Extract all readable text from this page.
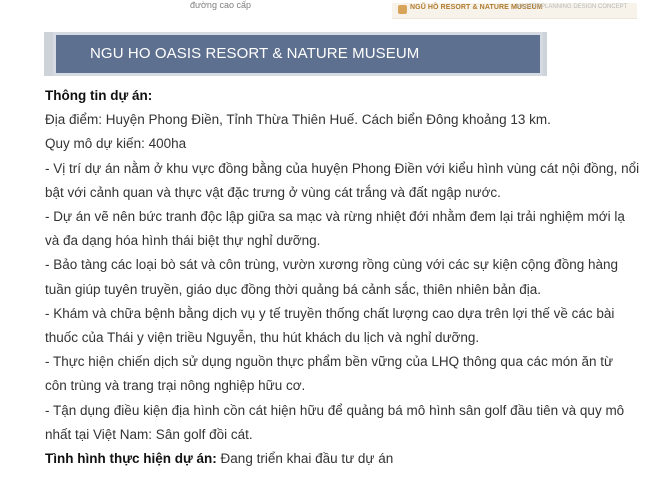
đường cao cấp	NGŨ HỒ RESORT & NATURE MUSEUM
MASTERPLANNING DESIGN CONCEPT
NGU HO OASIS RESORT & NATURE MUSEUM
Thông tin dự án:
Địa điểm: Huyện Phong Điền, Tỉnh Thừa Thiên Huế. Cách biển Đông khoảng 13 km.
Quy mô dự kiến: 400ha
- Vị trí dự án nằm ở khu vực đồng bằng của huyện Phong Điền với kiểu hình vùng cát nội đồng, nổi
bật với cảnh quan và thực vật đặc trưng ở vùng cát trắng và đất ngập nước.
- Dự án vẽ nên bức tranh độc lập giữa sa mạc và rừng nhiệt đới nhằm đem lại trải nghiệm mới lạ
và đa dạng hóa hình thái biệt thự nghỉ dưỡng.
- Bảo tàng các loại bò sát và côn trùng, vườn xương rồng cùng với các sự kiện cộng đồng hàng
tuần giúp tuyên truyền, giáo dục đồng thời quảng bá cảnh sắc, thiên nhiên bản địa.
- Khám và chữa bệnh bằng dịch vụ y tế truyền thống chất lượng cao dựa trên lợi thế về các bài
thuốc của Thái y viện triều Nguyễn, thu hút khách du lịch và nghỉ dưỡng.
- Thực hiện chiến dịch sử dụng nguồn thực phẩm bền vững của LHQ thông qua các món ăn từ
côn trùng và trang trại nông nghiệp hữu cơ.
- Tận dụng điều kiện địa hình cồn cát hiện hữu để quảng bá mô hình sân golf đầu tiên và quy mô
nhất tại Việt Nam: Sân golf đồi cát.
Tình hình thực hiện dự án: Đang triển khai đầu tư dự án
